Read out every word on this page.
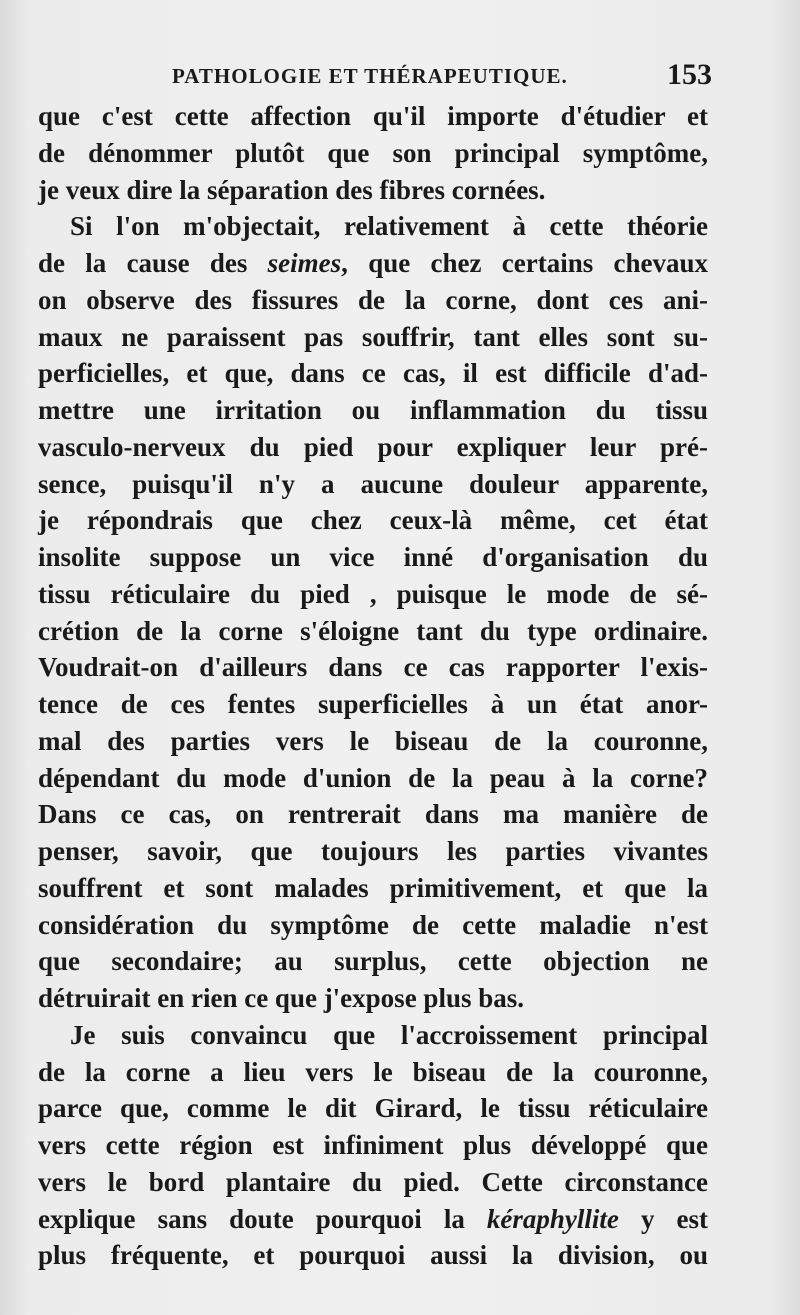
PATHOLOGIE ET THÉRAPEUTIQUE.	153
que c'est cette affection qu'il importe d'étudier et
de dénommer plutôt que son principal symptôme,
je veux dire la séparation des fibres cornées.
Si l'on m'objectait, relativement à cette théorie
de la cause des seimes, que chez certains chevaux
on observe des fissures de la corne, dont ces ani-
maux ne paraissent pas souffrir, tant elles sont su-
perficielles, et que, dans ce cas, il est difficile d'ad-
mettre une irritation ou inflammation du tissu
vasculo-nerveux du pied pour expliquer leur pré-
sence, puisqu'il n'y a aucune douleur apparente,
je répondrais que chez ceux-là même, cet état
insolite suppose un vice inné d'organisation du
tissu réticulaire du pied , puisque le mode de sé-
crétion de la corne s'éloigne tant du type ordinaire.
Voudrait-on d'ailleurs dans ce cas rapporter l'exis-
tence de ces fentes superficielles à un état anor-
mal des parties vers le biseau de la couronne,
dépendant du mode d'union de la peau à la corne?
Dans ce cas, on rentrerait dans ma manière de
penser, savoir, que toujours les parties vivantes
souffrent et sont malades primitivement, et que la
considération du symptôme de cette maladie n'est
que secondaire; au surplus, cette objection ne
détruirait en rien ce que j'expose plus bas.
Je suis convaincu que l'accroissement principal
de la corne a lieu vers le biseau de la couronne,
parce que, comme le dit Girard, le tissu réticulaire
vers cette région est infiniment plus développé que
vers le bord plantaire du pied. Cette circonstance
explique sans doute pourquoi la kéraphyllite y est
plus fréquente, et pourquoi aussi la division, ou
